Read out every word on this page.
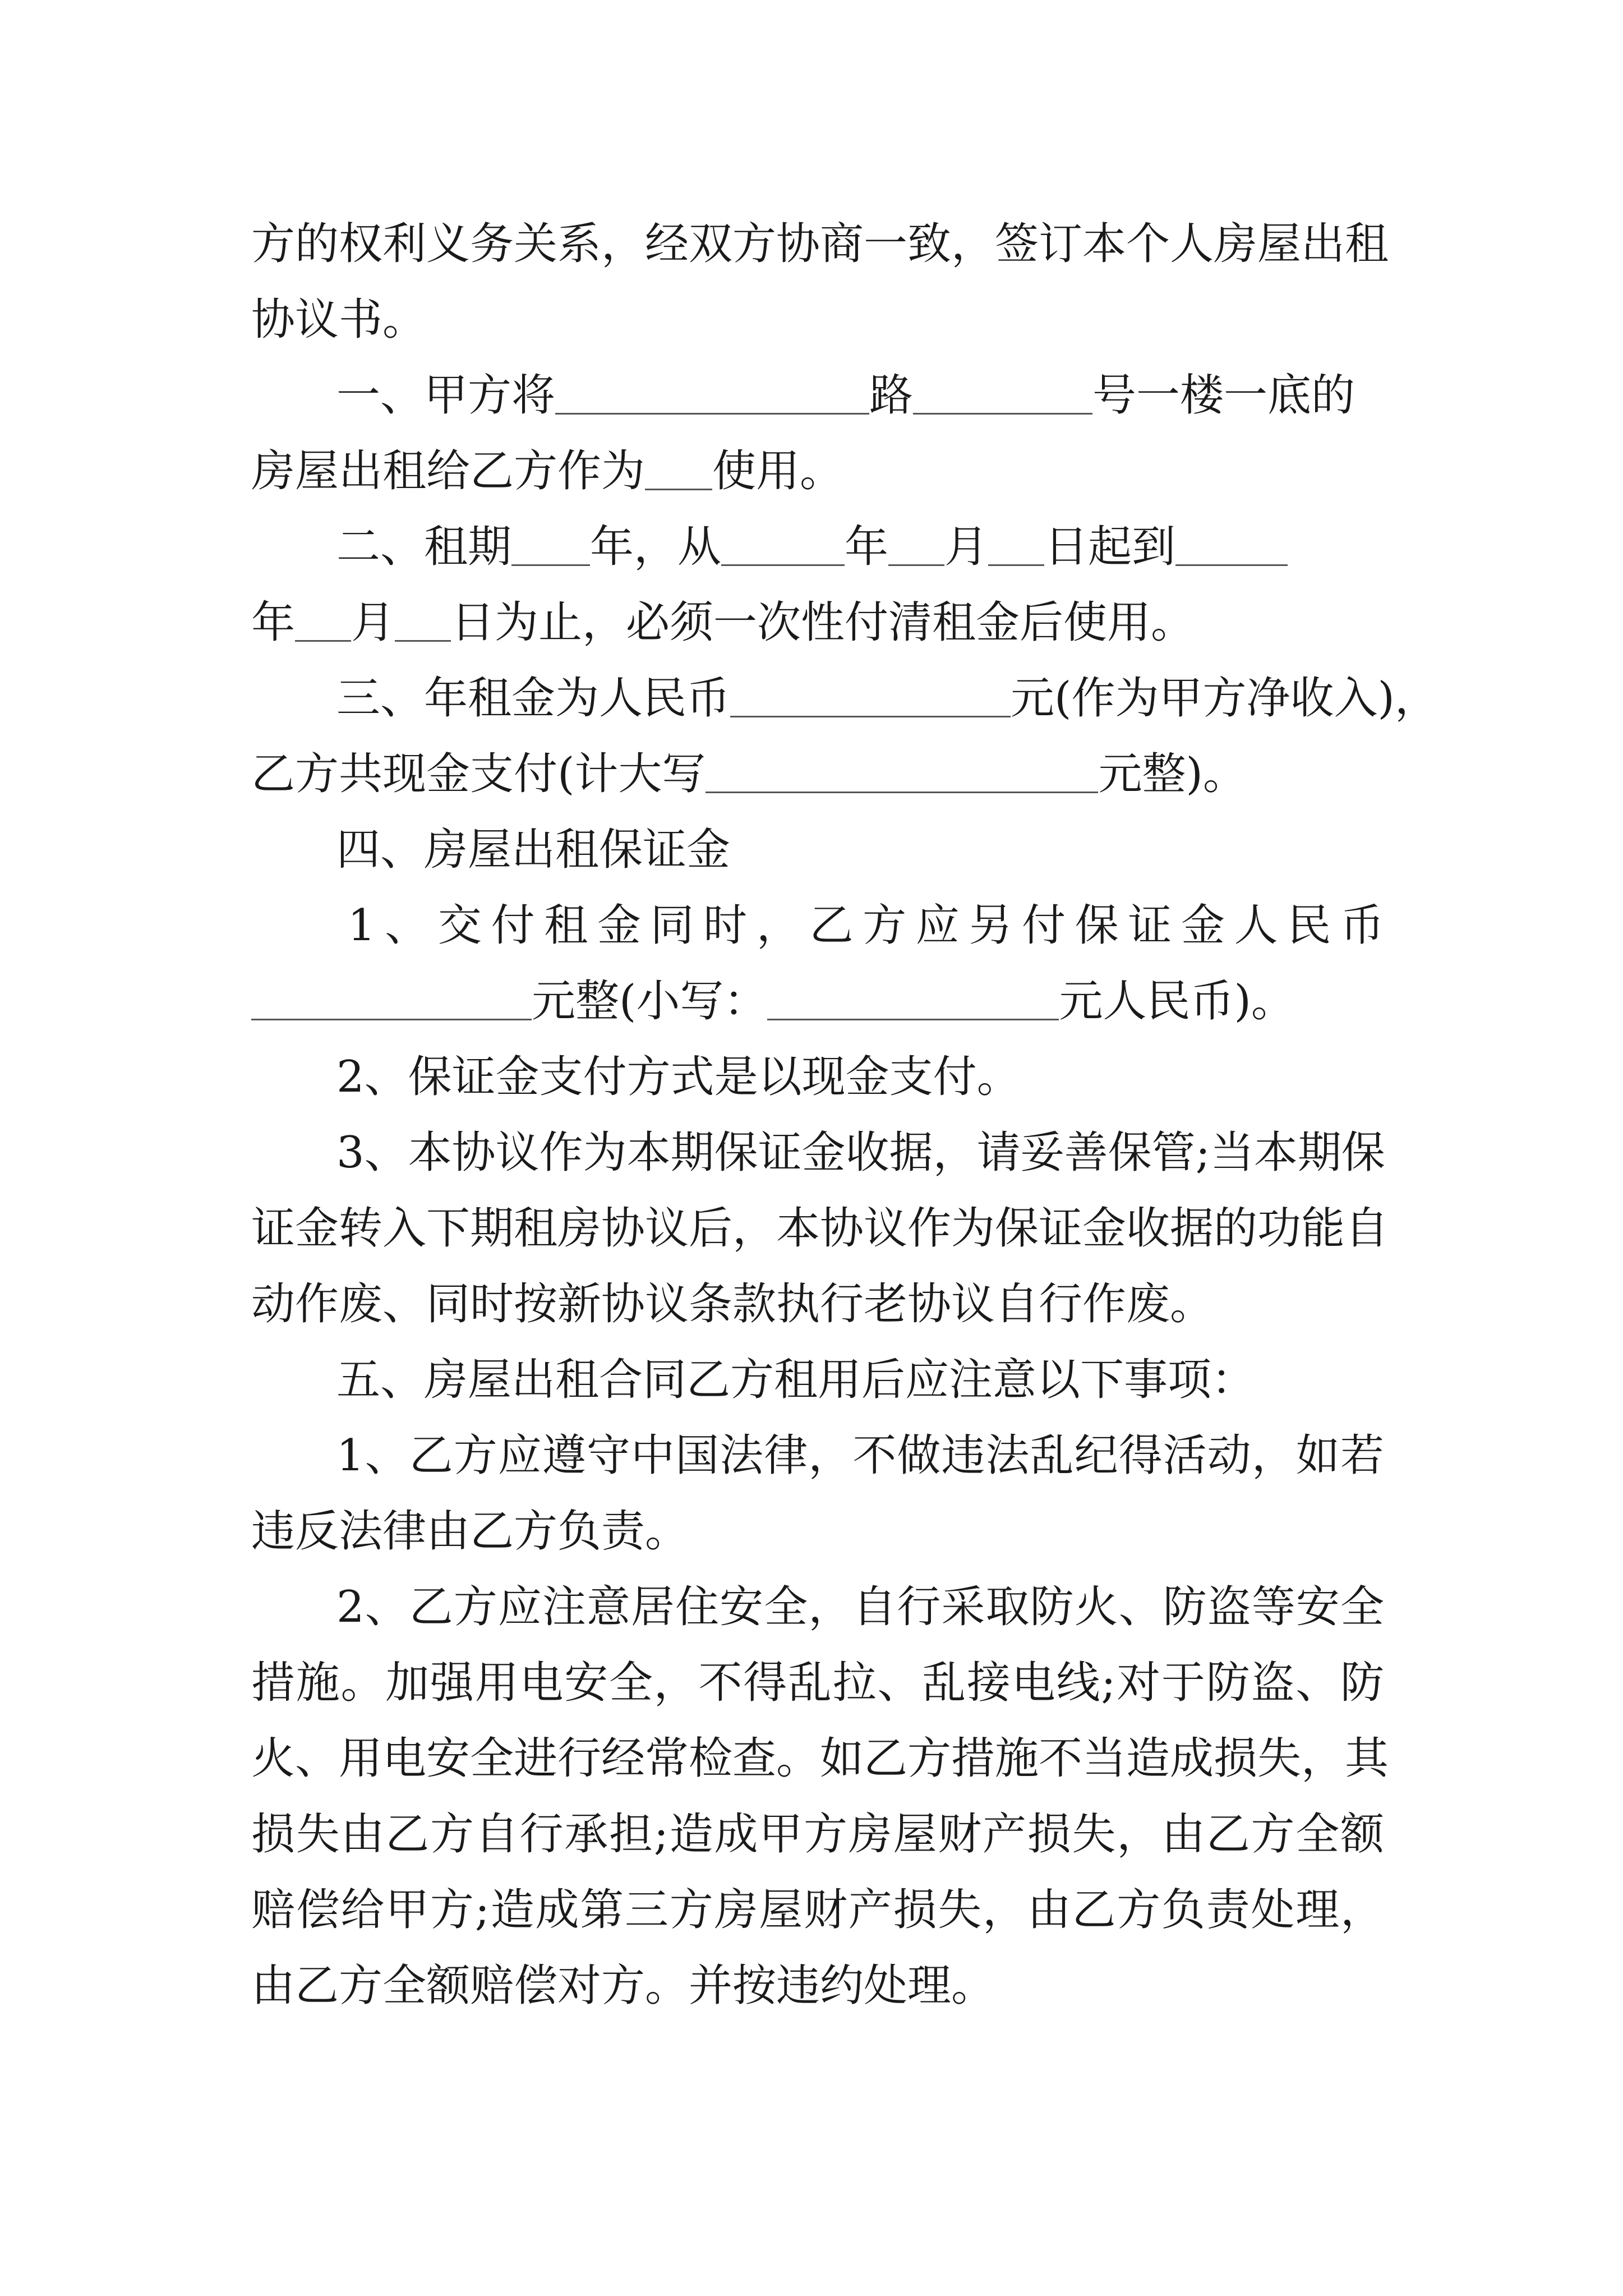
方的权利义务关系，经双方协商一致，签订本个人房屋出租
协议书。
一、甲方将	路	号一楼一底的
房屋出租给乙方作为 使用。
二、租期 年，从	年 月 日起到
年 月 日为止，必须一次性付清租金后使用。
三、年租金为人民币	元(作为甲方净收入)，
乙方共现金支付(计大写	元整)。
四、房屋出租保证金
1、交付租金同时，乙方应另付保证金人民币
元整(小写：	元人民币)。
2、保证金支付方式是以现金支付。
3、本协议作为本期保证金收据，请妥善保管;当本期保
证金转入下期租房协议后，本协议作为保证金收据的功能自
动作废、同时按新协议条款执行老协议自行作废。
五、房屋出租合同乙方租用后应注意以下事项：
1、乙方应遵守中国法律，不做违法乱纪得活动，如若
违反法律由乙方负责。
2、乙方应注意居住安全，自行采取防火、防盗等安全
措施。加强用电安全，不得乱拉、乱接电线;对于防盗、防
火、用电安全进行经常检查。如乙方措施不当造成损失，其
损失由乙方自行承担;造成甲方房屋财产损失，由乙方全额
赔偿给甲方;造成第三方房屋财产损失，由乙方负责处理，
由乙方全额赔偿对方。并按违约处理。
